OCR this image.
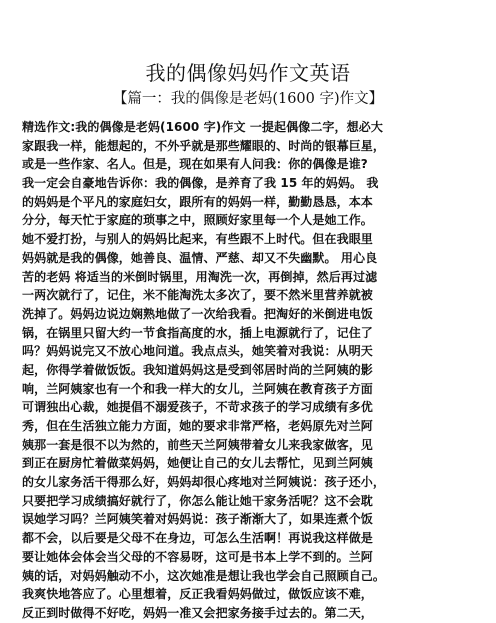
我的偶像妈妈作文英语
【篇一：我的偶像是老妈(1600 字)作文】
精选作文:我的偶像是老妈(1600 字)作文 一提起偶像二字，想必大
家跟我一样，能想起的，不外乎就是那些耀眼的、时尚的银幕巨星，
或是一些作家、名人。但是，现在如果有人问我：你的偶像是谁?
我一定会自豪地告诉你：我的偶像，是养育了我 15 年的妈妈。 我
的妈妈是个平凡的家庭妇女，跟所有的妈妈一样，勤勤恳恳，本本
分分，每天忙于家庭的琐事之中，照顾好家里每一个人是她工作。
她不爱打扮，与别人的妈妈比起来，有些跟不上时代。但在我眼里
妈妈就是我的偶像，她善良、温情、严慈、却又不失幽默。 用心良
苦的老妈 将适当的米倒时锅里，用淘洗一次，再倒掉，然后再过滤
一两次就行了，记住，米不能淘洗太多次了，要不然米里营养就被
洗掉了。妈妈边说边娴熟地做了一次给我看。把淘好的米倒进电饭
锅，在锅里只留大约一节食指高度的水，插上电源就行了，记住了
吗？妈妈说完又不放心地问道。我点点头，她笑着对我说：从明天
起，你得学着做饭饭。我知道妈妈这是受到邻居时尚的兰阿姨的影
响，兰阿姨家也有一个和我一样大的女儿，兰阿姨在教育孩子方面
可谓独出心裁，她提倡不溺爱孩子，不苛求孩子的学习成绩有多优
秀，但在生活独立能力方面，她的要求非常严格，老妈原先对兰阿
姨那一套是很不以为然的，前些天兰阿姨带着女儿来我家做客，见
到正在厨房忙着做菜妈妈，她便让自己的女儿去帮忙，见到兰阿姨
的女儿家务活干得那么好，妈妈却很心疼地对兰阿姨说：孩子还小，
只要把学习成绩搞好就行了，你怎么能让她干家务活呢？这不会耽
误她学习吗？兰阿姨笑着对妈妈说：孩子渐渐大了，如果连煮个饭
都不会，以后要是父母不在身边，可怎么生活啊！再说我这样做是
要让她体会体会当父母的不容易呀，这可是书本上学不到的。兰阿
姨的话，对妈妈触动不小，这次她准是想让我也学会自己照顾自己。
我爽快地答应了。心里想着，反正我看妈妈做过，做饭应该不难，
反正到时做得不好吃，妈妈一准又会把家务接手过去的。第二天，
